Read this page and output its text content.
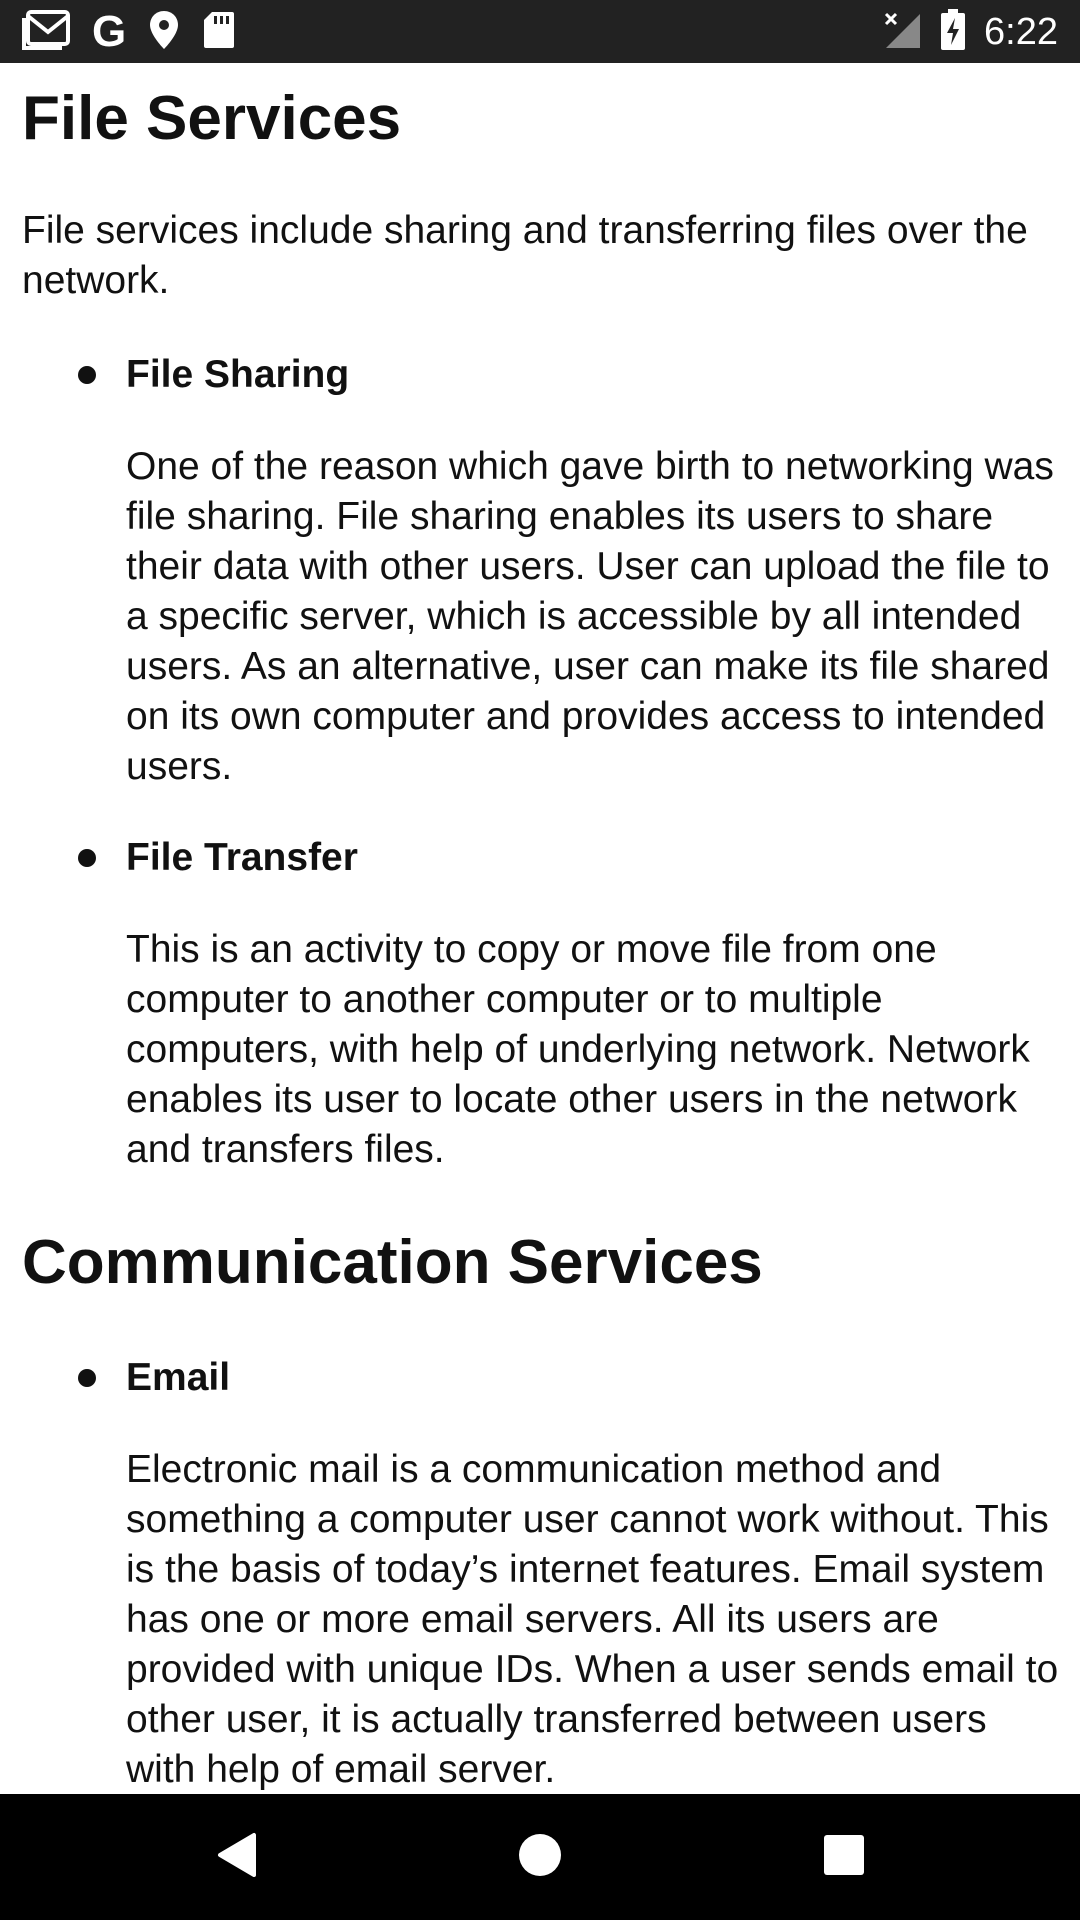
G	6:22
File Services

File services include sharing and transferring files over the network.

File Sharing

One of the reason which gave birth to networking was file sharing. File sharing enables its users to share their data with other users. User can upload the file to a specific server, which is accessible by all intended users. As an alternative, user can make its file shared on its own computer and provides access to intended users.

File Transfer

This is an activity to copy or move file from one computer to another computer or to multiple computers, with help of underlying network. Network enables its user to locate other users in the network and transfers files.

Communication Services

Email

Electronic mail is a communication method and something a computer user cannot work without. This is the basis of today’s internet features. Email system has one or more email servers. All its users are provided with unique IDs. When a user sends email to other user, it is actually transferred between users with help of email server.
